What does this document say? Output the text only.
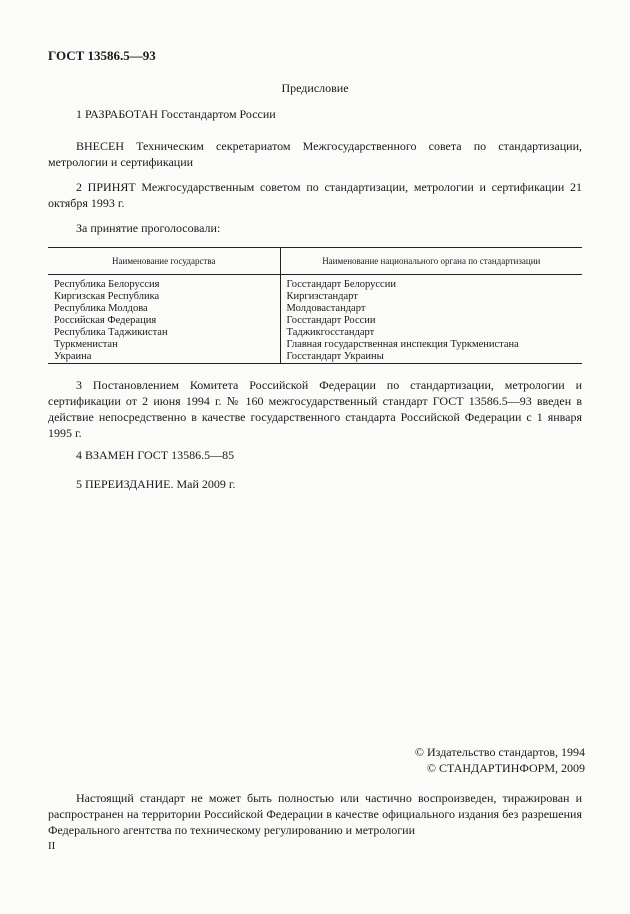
ГОСТ 13586.5—93
Предисловие

1 РАЗРАБОТАН Госстандартом России

ВНЕСЕН Техническим секретариатом Межгосударственного совета по стандартизации, метрологии и сертификации

2 ПРИНЯТ Межгосударственным советом по стандартизации, метрологии и сертификации 21 октября 1993 г.

За принятие проголосовали:

Наименование государства	Наименование национального органа по стандартизации
Республика Белоруссия	Госстандарт Белоруссии
Киргизская Республика	Киргизстандарт
Республика Молдова	Молдовастандарт
Российская Федерация	Госстандарт России
Республика Таджикистан	Таджикгосстандарт
Туркменистан	Главная государственная инспекция Туркменистана
Украина	Госстандарт Украины

3 Постановлением Комитета Российской Федерации по стандартизации, метрологии и сертификации от 2 июня 1994 г. № 160 межгосударственный стандарт ГОСТ 13586.5—93 введен в действие непосредственно в качестве государственного стандарта Российской Федерации с 1 января 1995 г.

4 ВЗАМЕН ГОСТ 13586.5—85

5 ПЕРЕИЗДАНИЕ. Май 2009 г.

© Издательство стандартов, 1994
© СТАНДАРТИНФОРМ, 2009

Настоящий стандарт не может быть полностью или частично воспроизведен, тиражирован и распространен на территории Российской Федерации в качестве официального издания без разрешения Федерального агентства по техническому регулированию и метрологии

II
